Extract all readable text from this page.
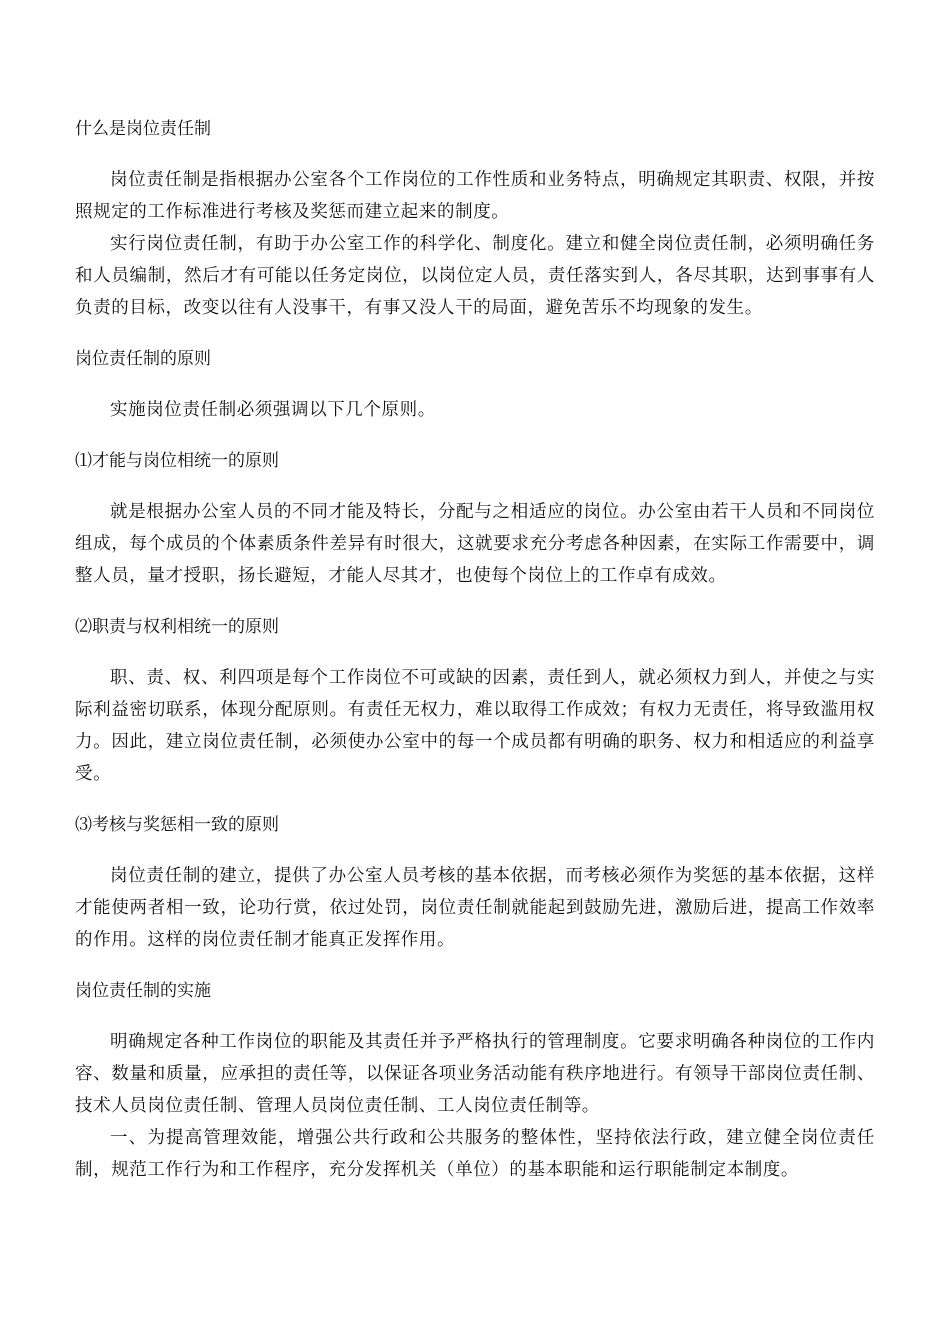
什么是岗位责任制

岗位责任制是指根据办公室各个工作岗位的工作性质和业务特点，明确规定其职责、权限，并按照规定的工作标准进行考核及奖惩而建立起来的制度。

实行岗位责任制，有助于办公室工作的科学化、制度化。建立和健全岗位责任制，必须明确任务和人员编制，然后才有可能以任务定岗位，以岗位定人员，责任落实到人，各尽其职，达到事事有人负责的目标，改变以往有人没事干，有事又没人干的局面，避免苦乐不均现象的发生。

岗位责任制的原则

实施岗位责任制必须强调以下几个原则。

⑴才能与岗位相统一的原则

就是根据办公室人员的不同才能及特长，分配与之相适应的岗位。办公室由若干人员和不同岗位组成，每个成员的个体素质条件差异有时很大，这就要求充分考虑各种因素，在实际工作需要中，调整人员，量才授职，扬长避短，才能人尽其才，也使每个岗位上的工作卓有成效。

⑵职责与权利相统一的原则

职、责、权、利四项是每个工作岗位不可或缺的因素，责任到人，就必须权力到人，并使之与实际利益密切联系，体现分配原则。有责任无权力，难以取得工作成效；有权力无责任，将导致滥用权力。因此，建立岗位责任制，必须使办公室中的每一个成员都有明确的职务、权力和相适应的利益享受。

⑶考核与奖惩相一致的原则

岗位责任制的建立，提供了办公室人员考核的基本依据，而考核必须作为奖惩的基本依据，这样才能使两者相一致，论功行赏，依过处罚，岗位责任制就能起到鼓励先进，激励后进，提高工作效率的作用。这样的岗位责任制才能真正发挥作用。

岗位责任制的实施

明确规定各种工作岗位的职能及其责任并予严格执行的管理制度。它要求明确各种岗位的工作内容、数量和质量，应承担的责任等，以保证各项业务活动能有秩序地进行。有领导干部岗位责任制、技术人员岗位责任制、管理人员岗位责任制、工人岗位责任制等。

一、为提高管理效能，增强公共行政和公共服务的整体性，坚持依法行政，建立健全岗位责任制，规范工作行为和工作程序，充分发挥机关（单位）的基本职能和运行职能制定本制度。
